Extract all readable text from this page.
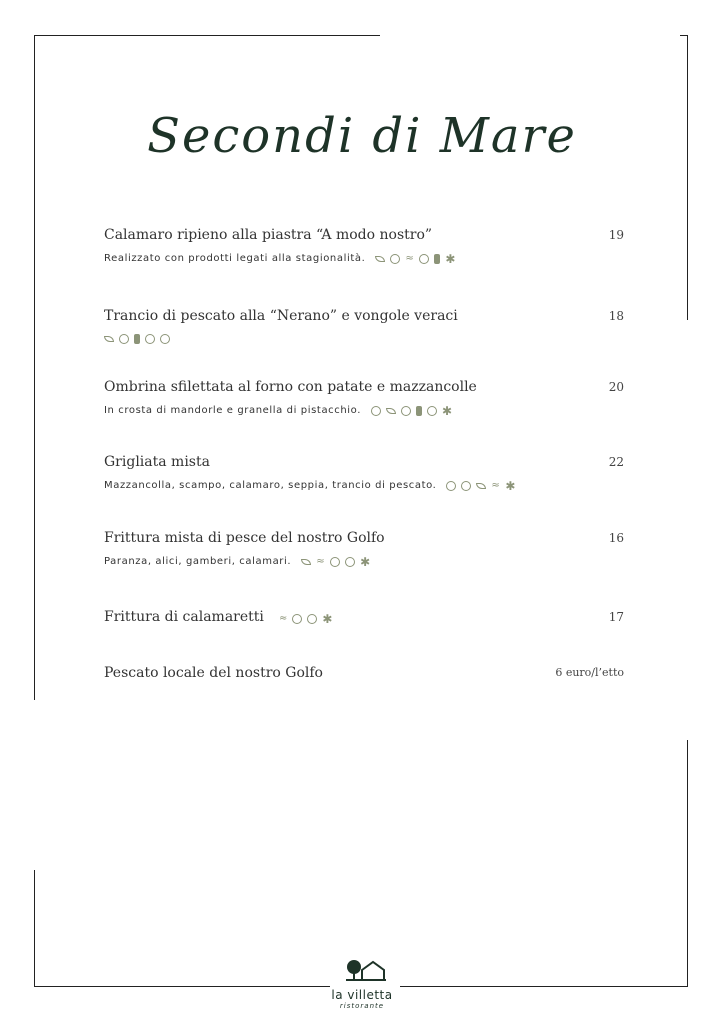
Secondi di Mare
Calamaro ripieno alla piastra “A modo nostro”	19
Realizzato con prodotti legati alla stagionalità.	≈	✱
Trancio di pescato alla “Nerano” e vongole veraci	18
Ombrina sfilettata al forno con patate e mazzancolle	20
In crosta di mandorle e granella di pistacchio.	✱
Grigliata mista	22
Mazzancolla, scampo, calamaro, seppia, trancio di pescato.	≈ ✱
Frittura mista di pesce del nostro Golfo	16
Paranza, alici, gamberi, calamari.	≈	✱
Frittura di calamaretti ≈	✱	17
Pescato locale del nostro Golfo	6 euro/l’etto
la villetta
ristorante
